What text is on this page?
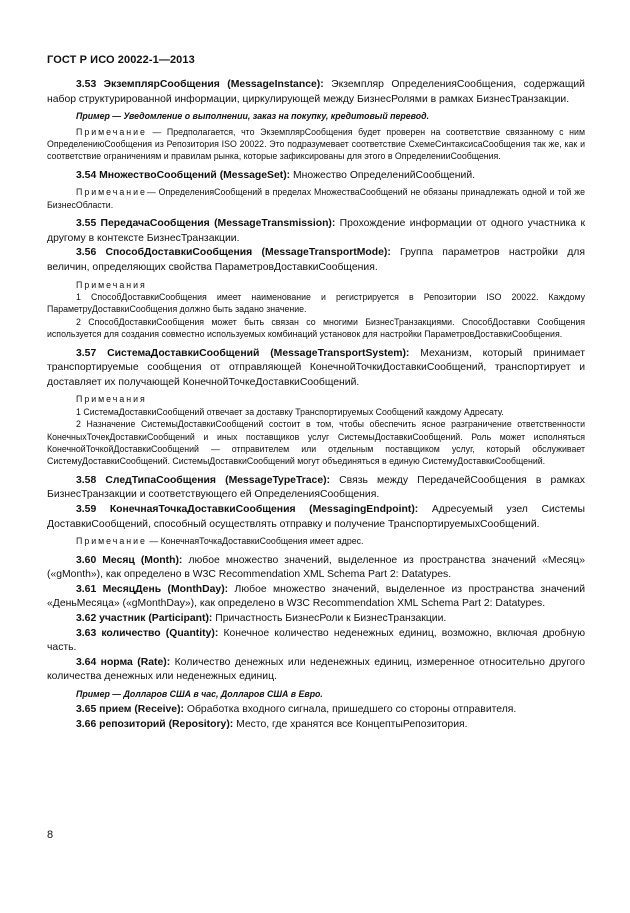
ГОСТ Р ИСО 20022-1—2013

3.53 ЭкземплярСообщения (MessageInstance): Экземпляр ОпределенияСообщения, содержащий набор структурированной информации, циркулирующей между БизнесРолями в рамках БизнесТранзакции.

Пример — Уведомление о выполнении, заказ на покупку, кредитовый перевод.

Примечание — Предполагается, что ЭкземплярСообщения будет проверен на соответствие связанному с ним ОпределениюСообщения из Репозитория ISO 20022. Это подразумевает соответствие СхемеСинтаксисаСообщения так же, как и соответствие ограничениям и правилам рынка, которые зафиксированы для этого в ОпределенииСообщения.

3.54 МножествоСообщений (MessageSet): Множество ОпределенийСообщений.

Примечание— ОпределенияСообщений в пределах МножестваСообщений не обязаны принадлежать одной и той же БизнесОбласти.

3.55 ПередачаСообщения (MessageTransmission): Прохождение информации от одного участника к другому в контексте БизнесТранзакции.

3.56 СпособДоставкиСообщения (MessageTransportMode): Группа параметров настройки для величин, определяющих свойства ПараметровДоставкиСообщения.

Примечания

1 СпособДоставкиСообщения имеет наименование и регистрируется в Репозитории ISO 20022. Каждому ПараметруДоставкиСообщения должно быть задано значение.

2 СпособДоставкиСообщения может быть связан со многими БизнесТранзакциями. СпособДоставки Сообщения используется для создания совместно используемых комбинаций установок для настройки ПараметровДоставкиСообщения.

3.57 СистемаДоставкиСообщений (MessageTransportSystem): Механизм, который принимает транспортируемые сообщения от отправляющей КонечнойТочкиДоставкиСообщений, транспортирует и доставляет их получающей КонечнойТочкеДоставкиСообщений.

Примечания

1 СистемаДоставкиСообщений отвечает за доставку Транспортируемых Сообщений каждому Адресату.

2 Назначение СистемыДоставкиСообщений состоит в том, чтобы обеспечить ясное разграничение ответственности КонечныхТочекДоставкиСообщений и иных поставщиков услуг СистемыДоставкиСообщений. Роль может исполняться КонечнойТочкойДоставкиСообщений — отправителем или отдельным поставщиком услуг, который обслуживает СистемуДоставкиСообщений. СистемыДоставкиСообщений могут объединяться в единую СистемуДоставкиСообщений.

3.58 СледТипаСообщения (MessageTypeTrace): Связь между ПередачейСообщения в рамках БизнесТранзакции и соответствующего ей ОпределенияСообщения.

3.59 КонечнаяТочкаДоставкиСообщения (MessagingEndpoint): Адресуемый узел Системы ДоставкиСообщений, способный осуществлять отправку и получение ТранспортируемыхСообщений.

Примечание — КонечнаяТочкаДоставкиСообщения имеет адрес.

3.60 Месяц (Month): любое множество значений, выделенное из пространства значений «Месяц» («gMonth»), как определено в W3C Recommendation XML Schema Part 2: Datatypes.

3.61 МесяцДень (MonthDay): Любое множество значений, выделенное из пространства значений «ДеньМесяца» («gMonthDay»), как определено в W3C Recommendation XML Schema Part 2: Datatypes.

3.62 участник (Participant): Причастность БизнесРоли к БизнесТранзакции.

3.63 количество (Quantity): Конечное количество неденежных единиц, возможно, включая дробную часть.

3.64 норма (Rate): Количество денежных или неденежных единиц, измеренное относительно другого количества денежных или неденежных единиц.

Пример — Долларов США в час, Долларов США в Евро.

3.65 прием (Receive): Обработка входного сигнала, пришедшего со стороны отправителя.

3.66 репозиторий (Repository): Место, где хранятся все КонцептыРепозитория.

8
